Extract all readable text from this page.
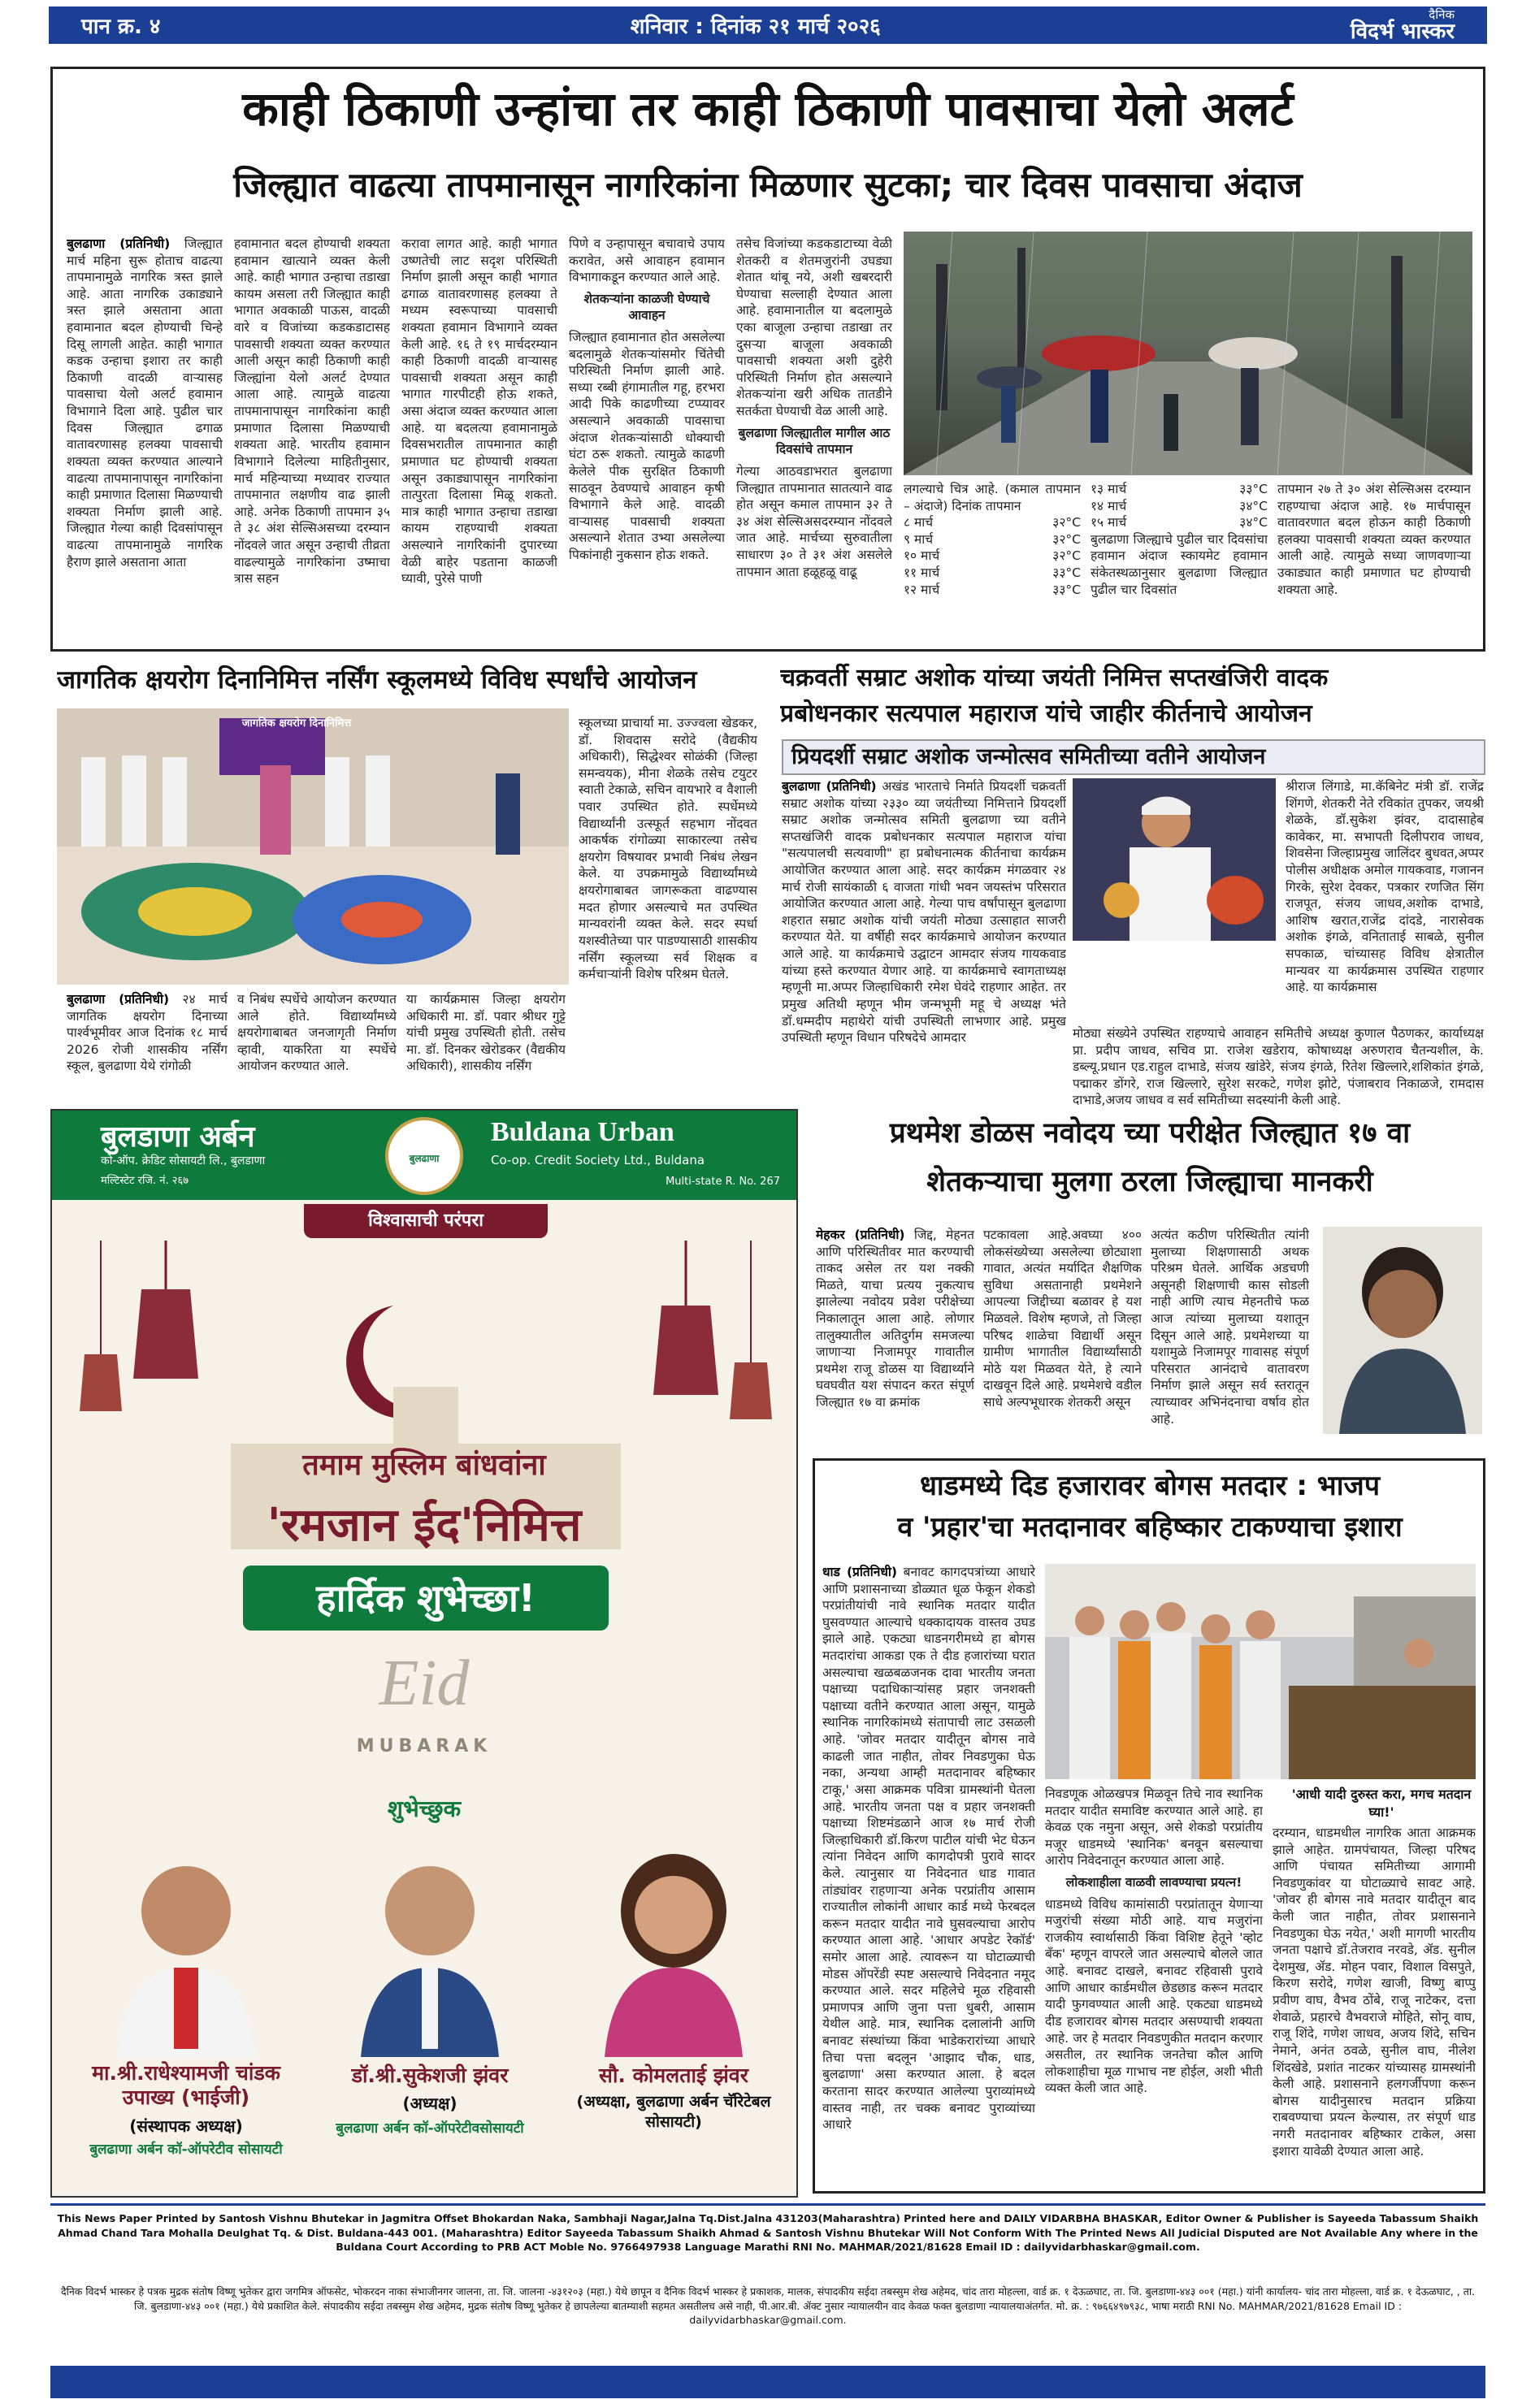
पान क्र. ४	शनिवार : दिनांक २१ मार्च २०२६
दैनिक
विदर्भ भास्कर
काही ठिकाणी उन्हांचा तर काही ठिकाणी पावसाचा येलो अलर्ट
जिल्ह्यात वाढत्या तापमानासून नागरिकांना मिळणार सुटका; चार दिवस पावसाचा अंदाज
बुलढाणा (प्रतिनिधी) जिल्ह्यात मार्च महिना सुरू होताच वाढत्या तापमानामुळे नागरिक त्रस्त झाले आहे. आता नागरिक उकाड्याने त्रस्त झाले असताना आता हवामानात बदल होण्याची चिन्हे दिसू लागली आहेत. काही भागात कडक उन्हाचा इशारा तर काही ठिकाणी वादळी वाऱ्यासह पावसाचा येलो अलर्ट हवामान विभागाने दिला आहे. पुढील चार दिवस जिल्ह्यात ढगाळ वातावरणासह हलक्या पावसाची शक्यता व्यक्त करण्यात आल्याने वाढत्या तापमानापासून नागरिकांना काही प्रमाणात दिलासा मिळण्याची शक्यता निर्माण झाली आहे. जिल्ह्यात गेल्या काही दिवसांपासून वाढत्या तापमानामुळे नागरिक हैराण झाले असताना आता
हवामानात बदल होण्याची शक्यता हवामान खात्याने व्यक्त केली आहे. काही भागात उन्हाचा तडाखा कायम असला तरी जिल्ह्यात काही भागात अवकाळी पाऊस, वादळी वारे व विजांच्या कडकडाटासह पावसाची शक्यता व्यक्त करण्यात आली असून काही ठिकाणी काही जिल्ह्यांना येलो अलर्ट देण्यात आला आहे. त्यामुळे वाढत्या तापमानापासून नागरिकांना काही प्रमाणात दिलासा मिळण्याची शक्यता आहे. भारतीय हवामान विभागाने दिलेल्या माहितीनुसार, मार्च महिन्याच्या मध्यावर राज्यात तापमानात लक्षणीय वाढ झाली आहे. अनेक ठिकाणी तापमान ३५ ते ३८ अंश सेल्सिअसच्या दरम्यान नोंदवले जात असून उन्हाची तीव्रता वाढल्यामुळे नागरिकांना उष्माचा त्रास सहन
करावा लागत आहे. काही भागात उष्णतेची लाट सदृश परिस्थिती निर्माण झाली असून काही भागात ढगाळ वातावरणासह हलक्या ते मध्यम स्वरूपाच्या पावसाची शक्यता हवामान विभागाने व्यक्त केली आहे. १६ ते १९ मार्चदरम्यान काही ठिकाणी वादळी वाऱ्यासह पावसाची शक्यता असून काही भागात गारपीटही होऊ शकते, असा अंदाज व्यक्त करण्यात आला आहे. या बदलत्या हवामानामुळे दिवसभरातील तापमानात काही प्रमाणात घट होण्याची शक्यता असून उकाड्यापासून नागरिकांना तात्पुरता दिलासा मिळू शकतो. मात्र काही भागात उन्हाचा तडाखा कायम राहण्याची शक्यता असल्याने नागरिकांनी दुपारच्या वेळी बाहेर पडताना काळजी घ्यावी, पुरेसे पाणी
पिणे व उन्हापासून बचावाचे उपाय करावेत, असे आवाहन हवामान विभागाकडून करण्यात आले आहे.
शेतकऱ्यांना काळजी घेण्याचे आवाहन
जिल्ह्यात हवामानात होत असलेल्या बदलामुळे शेतकऱ्यांसमोर चिंतेची परिस्थिती निर्माण झाली आहे. सध्या रब्बी हंगामातील गहू, हरभरा आदी पिके काढणीच्या टप्प्यावर असल्याने अवकाळी पावसाचा अंदाज शेतकऱ्यांसाठी धोक्याची घंटा ठरू शकतो. त्यामुळे काढणी केलेले पीक सुरक्षित ठिकाणी साठवून ठेवण्याचे आवाहन कृषी विभागाने केले आहे. वादळी वाऱ्यासह पावसाची शक्यता असल्याने शेतात उभ्या असलेल्या पिकांनाही नुकसान होऊ शकते.
तसेच विजांच्या कडकडाटाच्या वेळी शेतकरी व शेतमजुरांनी उघड्या शेतात थांबू नये, अशी खबरदारी घेण्याचा सल्लाही देण्यात आला आहे. हवामानातील या बदलामुळे एका बाजूला उन्हाचा तडाखा तर दुसऱ्या बाजूला अवकाळी पावसाची शक्यता अशी दुहेरी परिस्थिती निर्माण होत असल्याने शेतकऱ्यांना खरी अधिक तातडीने सतर्कता घेण्याची वेळ आली आहे.
बुलढाणा जिल्ह्यातील मागील आठ दिवसांचे तापमान
गेल्या आठवडाभरात बुलढाणा जिल्ह्यात तापमानात सातत्याने वाढ होत असून कमाल तापमान ३२ ते ३४ अंश सेल्सिअसदरम्यान नोंदवले जात आहे. मार्चच्या सुरुवातीला साधारण ३० ते ३१ अंश असलेले तापमान आता हळूहळू वाढू
लगल्याचे चित्र आहे. (कमाल तापमान – अंदाजे) दिनांक तापमान
८ मार्च	३२°C
९ मार्च	३२°C
१० मार्च	३२°C
११ मार्च	३३°C
१२ मार्च	३३°C
१३ मार्च	३३°C
१४ मार्च	३४°C
१५ मार्च	३४°C
बुलढाणा जिल्ह्याचे पुढील चार दिवसांचा हवामान अंदाज स्कायमेट हवामान संकेतस्थळानुसार बुलढाणा जिल्ह्यात पुढील चार दिवसांत
तापमान २७ ते ३० अंश सेल्सिअस दरम्यान राहण्याचा अंदाज आहे. १७ मार्चपासून वातावरणात बदल होऊन काही ठिकाणी हलक्या पावसाची शक्यता व्यक्त करण्यात आली आहे. त्यामुळे सध्या जाणवणाऱ्या उकाड्यात काही प्रमाणात घट होण्याची शक्यता आहे.
जागतिक क्षयरोग दिनानिमित्त नर्सिंग स्कूलमध्ये विविध स्पर्धांचे आयोजन
जागतिक क्षयरोग दिनानिमित्त
बुलढाणा (प्रतिनिधी) २४ मार्च जागतिक क्षयरोग दिनाच्या पार्श्वभूमीवर आज दिनांक १८ मार्च 2026 रोजी शासकीय नर्सिंग स्कूल, बुलढाणा येथे रांगोळी
व निबंध स्पर्धेचे आयोजन करण्यात आले होते. विद्यार्थ्यांमध्ये क्षयरोगाबाबत जनजागृती निर्माण व्हावी, याकरिता या स्पर्धेचे आयोजन करण्यात आले.
या कार्यक्रमास जिल्हा क्षयरोग अधिकारी मा. डॉ. पवार श्रीधर गुट्टे यांची प्रमुख उपस्थिती होती. तसेच मा. डॉ. दिनकर खेरोडकर (वैद्यकीय अधिकारी), शासकीय नर्सिंग
स्कूलच्या प्राचार्या मा. उज्ज्वला खेडकर, डॉ. शिवदास सरोदे (वैद्यकीय अधिकारी), सिद्धेश्वर सोळंकी (जिल्हा समन्वयक), मीना शेळके तसेच टयुटर स्वाती टेकाळे, सचिन वायभारे व वैशाली पवार उपस्थित होते. स्पर्धेमध्ये विद्यार्थ्यांनी उत्स्फूर्त सहभाग नोंदवत आकर्षक रांगोळ्या साकारल्या तसेच क्षयरोग विषयावर प्रभावी निबंध लेखन केले. या उपक्रमामुळे विद्यार्थ्यांमध्ये क्षयरोगाबाबत जागरूकता वाढण्यास मदत होणार असल्याचे मत उपस्थित मान्यवरांनी व्यक्त केले. सदर स्पर्धा यशस्वीतेच्या पार पाडण्यासाठी शासकीय नर्सिंग स्कूलच्या सर्व शिक्षक व कर्मचाऱ्यांनी विशेष परिश्रम घेतले.
चक्रवर्ती सम्राट अशोक यांच्या जयंती निमित्त सप्तखंजिरी वादक
प्रबोधनकार सत्यपाल महाराज यांचे जाहीर कीर्तनाचे आयोजन
प्रियदर्शी सम्राट अशोक जन्मोत्सव समितीच्या वतीने आयोजन
बुलढाणा (प्रतिनिधी) अखंड भारताचे निर्माते प्रियदर्शी चक्रवर्ती सम्राट अशोक यांच्या २३३० व्या जयंतीच्या निमित्ताने प्रियदर्शी सम्राट अशोक जन्मोत्सव समिती बुलढाणा च्या वतीने सप्तखंजिरी वादक प्रबोधनकार सत्यपाल महाराज यांचा "सत्यपालची सत्यवाणी" हा प्रबोधनात्मक कीर्तनाचा कार्यक्रम आयोजित करण्यात आला आहे. सदर कार्यक्रम मंगळवार २४ मार्च रोजी सायंकाळी ६ वाजता गांधी भवन जयस्तंभ परिसरात आयोजित करण्यात आला आहे. गेल्या पाच वर्षांपासून बुलढाणा शहरात सम्राट अशोक यांची जयंती मोठ्या उत्साहात साजरी करण्यात येते. या वर्षीही सदर कार्यक्रमाचे आयोजन करण्यात आले आहे. या कार्यक्रमाचे उद्घाटन आमदार संजय गायकवाड यांच्या हस्ते करण्यात येणार आहे. या कार्यक्रमाचे स्वागताध्यक्ष म्हणूनी मा.अप्पर जिल्हाधिकारी रमेश घेवंदे राहणार आहेत. तर प्रमुख अतिथी म्हणून भीम जन्मभूमी महू चे अध्यक्ष भंते डॉ.धम्मदीप महाथेरो यांची उपस्थिती लाभणार आहे. प्रमुख उपस्थिती म्हणून विधान परिषदेचे आमदार
श्रीराज लिंगाडे, मा.कॅबिनेट मंत्री डॉ. राजेंद्र शिंगणे, शेतकरी नेते रविकांत तुपकर, जयश्री शेळके, डॉ.सुकेश झंवर, दादासाहेब कावेकर, मा. सभापती दिलीपराव जाधव, शिवसेना जिल्हाप्रमुख जालिंदर बुधवत,अप्पर पोलीस अधीक्षक अमोल गायकवाड, गजानन गिरके, सुरेश देवकर, पत्रकार रणजित सिंग राजपूत, संजय जाधव,अशोक दाभाडे, आशिष खरात,राजेंद्र दांदडे, नारासेवक अशोक इंगळे, वनिताताई साबळे, सुनील सपकाळ, चांच्यासह विविध क्षेत्रातील मान्यवर या कार्यक्रमास उपस्थित राहणार आहे. या कार्यक्रमास
मोठ्या संख्येने उपस्थित राहण्याचे आवाहन समितीचे अध्यक्ष कुणाल पैठणकर, कार्याध्यक्ष प्रा. प्रदीप जाधव, सचिव प्रा. राजेश खडेराय, कोषाध्यक्ष अरुणराव चैतन्यशील, के. डब्ल्यू.प्रधान एड.राहुल दाभाडे, संजय खांडेरे, संजय इंगळे, रितेश खिल्लारे,शशिकांत इंगळे, पद्माकर डोंगरे, राज खिल्लारे, सुरेश सरकटे, गणेश झोटे, पंजाबराव निकाळजे, रामदास दाभाडे,अजय जाधव व सर्व समितीच्या सदस्यांनी केली आहे.
बुलडाणा अर्बन
को-ऑप. क्रेडिट सोसायटी लि., बुलडाणा
मल्टिस्टेट रजि. नं. २६७
बुलढाणा
Buldana Urban
Co-op. Credit Society Ltd., Buldana
Multi-state R. No. 267
विश्वासाची परंपरा
तमाम मुस्लिम बांधवांना
'रमजान ईद'निमित्त
हार्दिक शुभेच्छा!
Eid
MUBARAK
शुभेच्छुक
मा.श्री.राधेश्यामजी चांडक उपाख्य (भाईजी)
(संस्थापक अध्यक्ष)
बुलढाणा अर्बन कॉ-ऑपरेटीव सोसायटी
डॉ.श्री.सुकेशजी झंवर
(अध्यक्ष)
बुलढाणा अर्बन कॉ-ऑपरेटीवसोसायटी
सौ. कोमलताई झंवर
(अध्यक्षा, बुलढाणा अर्बन चॅरिटेबल सोसायटी)
प्रथमेश डोळस नवोदय च्या परीक्षेत जिल्ह्यात १७ वा
शेतकऱ्याचा मुलगा ठरला जिल्ह्याचा मानकरी
मेहकर (प्रतिनिधी) जिद्द, मेहनत आणि परिस्थितीवर मात करण्याची ताकद असेल तर यश नक्की मिळते, याचा प्रत्यय नुकत्याच झालेल्या नवोदय प्रवेश परीक्षेच्या निकालातून आला आहे. लोणार तालुक्यातील अतिदुर्गम समजल्या जाणाऱ्या निजामपूर गावातील प्रथमेश राजू डोळस या विद्यार्थ्याने घवघवीत यश संपादन करत संपूर्ण जिल्ह्यात १७ वा क्रमांक
पटकावला आहे.अवघ्या ४०० लोकसंख्येच्या असलेल्या छोट्याशा गावात, अत्यंत मर्यादित शैक्षणिक सुविधा असतानाही प्रथमेशने आपल्या जिद्दीच्या बळावर हे यश मिळवले. विशेष म्हणजे, तो जिल्हा परिषद शाळेचा विद्यार्थी असून ग्रामीण भागातील विद्यार्थ्यांसाठी मोठे यश मिळवत येते, हे त्याने दाखवून दिले आहे. प्रथमेशचे वडील साधे अल्पभूधारक शेतकरी असून
अत्यंत कठीण परिस्थितीत त्यांनी मुलाच्या शिक्षणासाठी अथक परिश्रम घेतले. आर्थिक अडचणी असूनही शिक्षणाची कास सोडली नाही आणि त्याच मेहनतीचे फळ आज त्यांच्या मुलाच्या यशातून दिसून आले आहे. प्रथमेशच्या या यशामुळे निजामपूर गावासह संपूर्ण परिसरात आनंदाचे वातावरण निर्माण झाले असून सर्व स्तरातून त्याच्यावर अभिनंदनाचा वर्षाव होत आहे.
धाडमध्ये दिड हजारावर बोगस मतदार : भाजप
व 'प्रहार'चा मतदानावर बहिष्कार टाकण्याचा इशारा
धाड (प्रतिनिधी) बनावट कागदपत्रांच्या आधारे आणि प्रशासनाच्या डोळ्यात धूळ फेकून शेकडो परप्रांतीयांची नावे स्थानिक मतदार यादीत घुसवण्यात आल्याचे धक्कादायक वास्तव उघड झाले आहे. एकट्या धाडनगरीमध्ये हा बोगस मतदारांचा आकडा एक ते दीड हजारांच्या घरात असल्याचा खळबळजनक दावा भारतीय जनता पक्षाच्या पदाधिकाऱ्यांसह प्रहार जनशक्ती पक्षाच्या वतीने करण्यात आला असून, यामुळे स्थानिक नागरिकांमध्ये संतापाची लाट उसळली आहे. 'जोवर मतदार यादीतून बोगस नावे काढली जात नाहीत, तोवर निवडणुका घेऊ नका, अन्यथा आम्ही मतदानावर बहिष्कार टाकू,' असा आक्रमक पवित्रा ग्रामस्थांनी घेतला आहे. भारतीय जनता पक्ष व प्रहार जनशक्ती पक्षाच्या शिष्टमंडळाने आज १७ मार्च रोजी जिल्हाधिकारी डॉ.किरण पाटील यांची भेट घेऊन त्यांना निवेदन आणि कागदोपत्री पुरावे सादर केले. त्यानुसार या निवेदनात धाड गावात तांड्यांवर राहणाऱ्या अनेक परप्रांतीय आसाम राज्यातील लोकांनी आधार कार्ड मध्ये फेरबदल करून मतदार यादीत नावे घुसवल्याचा आरोप करण्यात आला आहे. 'आधार अपडेट रेकॉर्ड' समोर आला आहे. त्यावरून या घोटाळ्याची मोडस ऑपरेंडी स्पष्ट असल्याचे निवेदनात नमूद करण्यात आले. सदर महिलेचे मूळ रहिवासी प्रमाणपत्र आणि जुना पत्ता धुबरी, आसाम येथील आहे. मात्र, स्थानिक दलालांनी आणि बनावट संस्थांच्या किंवा भाडेकरारांच्या आधारे तिचा पत्ता बदलून 'आझाद चौक, धाड, बुलढाणा' असा करण्यात आला. हे बदल करताना सादर करण्यात आलेल्या पुराव्यांमध्ये वास्तव नाही, तर चक्क बनावट पुराव्यांच्या आधारे
'आधी यादी दुरुस्त करा, मगच मतदान घ्या!'
निवडणूक ओळखपत्र मिळवून तिचे नाव स्थानिक मतदार यादीत समाविष्ट करण्यात आले आहे. हा केवळ एक नमुना असून, असे शेकडो परप्रांतीय मजूर धाडमध्ये 'स्थानिक' बनवून बसल्याचा आरोप निवेदनातून करण्यात आला आहे.
लोकशाहीला वाळवी लावण्याचा प्रयत्न!
धाडमध्ये विविध कामांसाठी परप्रांतातून येणाऱ्या मजुरांची संख्या मोठी आहे. याच मजुरांना राजकीय स्वार्थासाठी किंवा विशिष्ट हेतूने 'व्होट बँक' म्हणून वापरले जात असल्याचे बोलले जात आहे. बनावट दाखले, बनावट रहिवासी पुरावे आणि आधार कार्डमधील छेडछाड करून मतदार यादी फुगवण्यात आली आहे. एकट्या धाडमध्ये दीड हजारावर बोगस मतदार असण्याची शक्यता आहे. जर हे मतदार निवडणुकीत मतदान करणार असतील, तर स्थानिक जनतेचा कौल आणि लोकशाहीचा मूळ गाभाच नष्ट होईल, अशी भीती व्यक्त केली जात आहे.
दरम्यान, धाडमधील नागरिक आता आक्रमक झाले आहेत. ग्रामपंचायत, जिल्हा परिषद आणि पंचायत समितीच्या आगामी निवडणुकांवर या घोटाळ्याचे सावट आहे. 'जोवर ही बोगस नावे मतदार यादीतून बाद केली जात नाहीत, तोवर प्रशासनाने निवडणुका घेऊ नयेत,' अशी मागणी भारतीय जनता पक्षाचे डॉ.तेजराव नरवडे, ॲड. सुनील देशमुख, ॲड. मोहन पवार, विशाल विसपुते, किरण सरोदे, गणेश खाजी, विष्णु बाप्पु प्रवीण वाघ, वैभव ठोंबे, राजू नाटेकर, दत्ता शेवाळे, प्रहारचे वैभवराजे मोहिते, सोनू वाघ, राजू शिंदे, गणेश जाधव, अजय शिंदे, सचिन नेमाने, अनंत ठवळे, सुनील वाघ, नीलेश शिंदखेडे, प्रशांत नाटकर यांच्यासह ग्रामस्थांनी केली आहे. प्रशासनाने हलगर्जीपणा करून बोगस यादीनुसारच मतदान प्रक्रिया राबवण्याचा प्रयत्न केल्यास, तर संपूर्ण धाड नगरी मतदानावर बहिष्कार टाकेल, असा इशारा यावेळी देण्यात आला आहे.
This News Paper Printed by Santosh Vishnu Bhutekar in Jagmitra Offset Bhokardan Naka, Sambhaji Nagar,Jalna Tq.Dist.Jalna 431203(Maharashtra) Printed here and DAILY VIDARBHA BHASKAR, Editor Owner & Publisher is Sayeeda Tabassum Shaikh Ahmad Chand Tara Mohalla Deulghat Tq. & Dist. Buldana-443 001. (Maharashtra) Editor Sayeeda Tabassum Shaikh Ahmad & Santosh Vishnu Bhutekar Will Not Conform With The Printed News All Judicial Disputed are Not Available Any where in the Buldana Court According to PRB ACT Moble No. 9766497938 Language Marathi RNI No. MAHMAR/2021/81628 Email ID : dailyvidarbhaskar@gmail.com.
दैनिक विदर्भ भास्कर हे पत्रक मुद्रक संतोष विष्णू भुतेकर द्वारा जगमित्र ऑफसेट, भोकरदन नाका संभाजीनगर जालना, ता. जि. जालना -४३१२०३ (महा.) येथे छापून व दैनिक विदर्भ भास्कर हे प्रकाशक, मालक, संपादकीय सईदा तबस्सुम शेख अहेमद, चांद तारा मोहल्ला, वार्ड क्र. १ देऊळघाट, ता. जि. बुलडाणा-४४३ ००१ (महा.) यांनी कार्यालय- चांद तारा मोहल्ला, वार्ड क्र. १ देऊळघाट, , ता. जि. बुलडाणा-४४३ ००१ (महा.) येथे प्रकाशित केले. संपादकीय सईदा तबस्सुम शेख अहेमद, मुद्रक संतोष विष्णू भुतेकर हे छापलेल्या बातम्याशी सहमत असतीलच असे नाही, पी.आर.बी. ॲक्ट नुसार न्यायालयीन वाद केवळ फक्त बुलडाणा न्यायालयाअंतर्गत. मो. क्र. : ९७६६४९७९३८, भाषा मराठी RNI No. MAHMAR/2021/81628 Email ID : dailyvidarbhaskar@gmail.com.
